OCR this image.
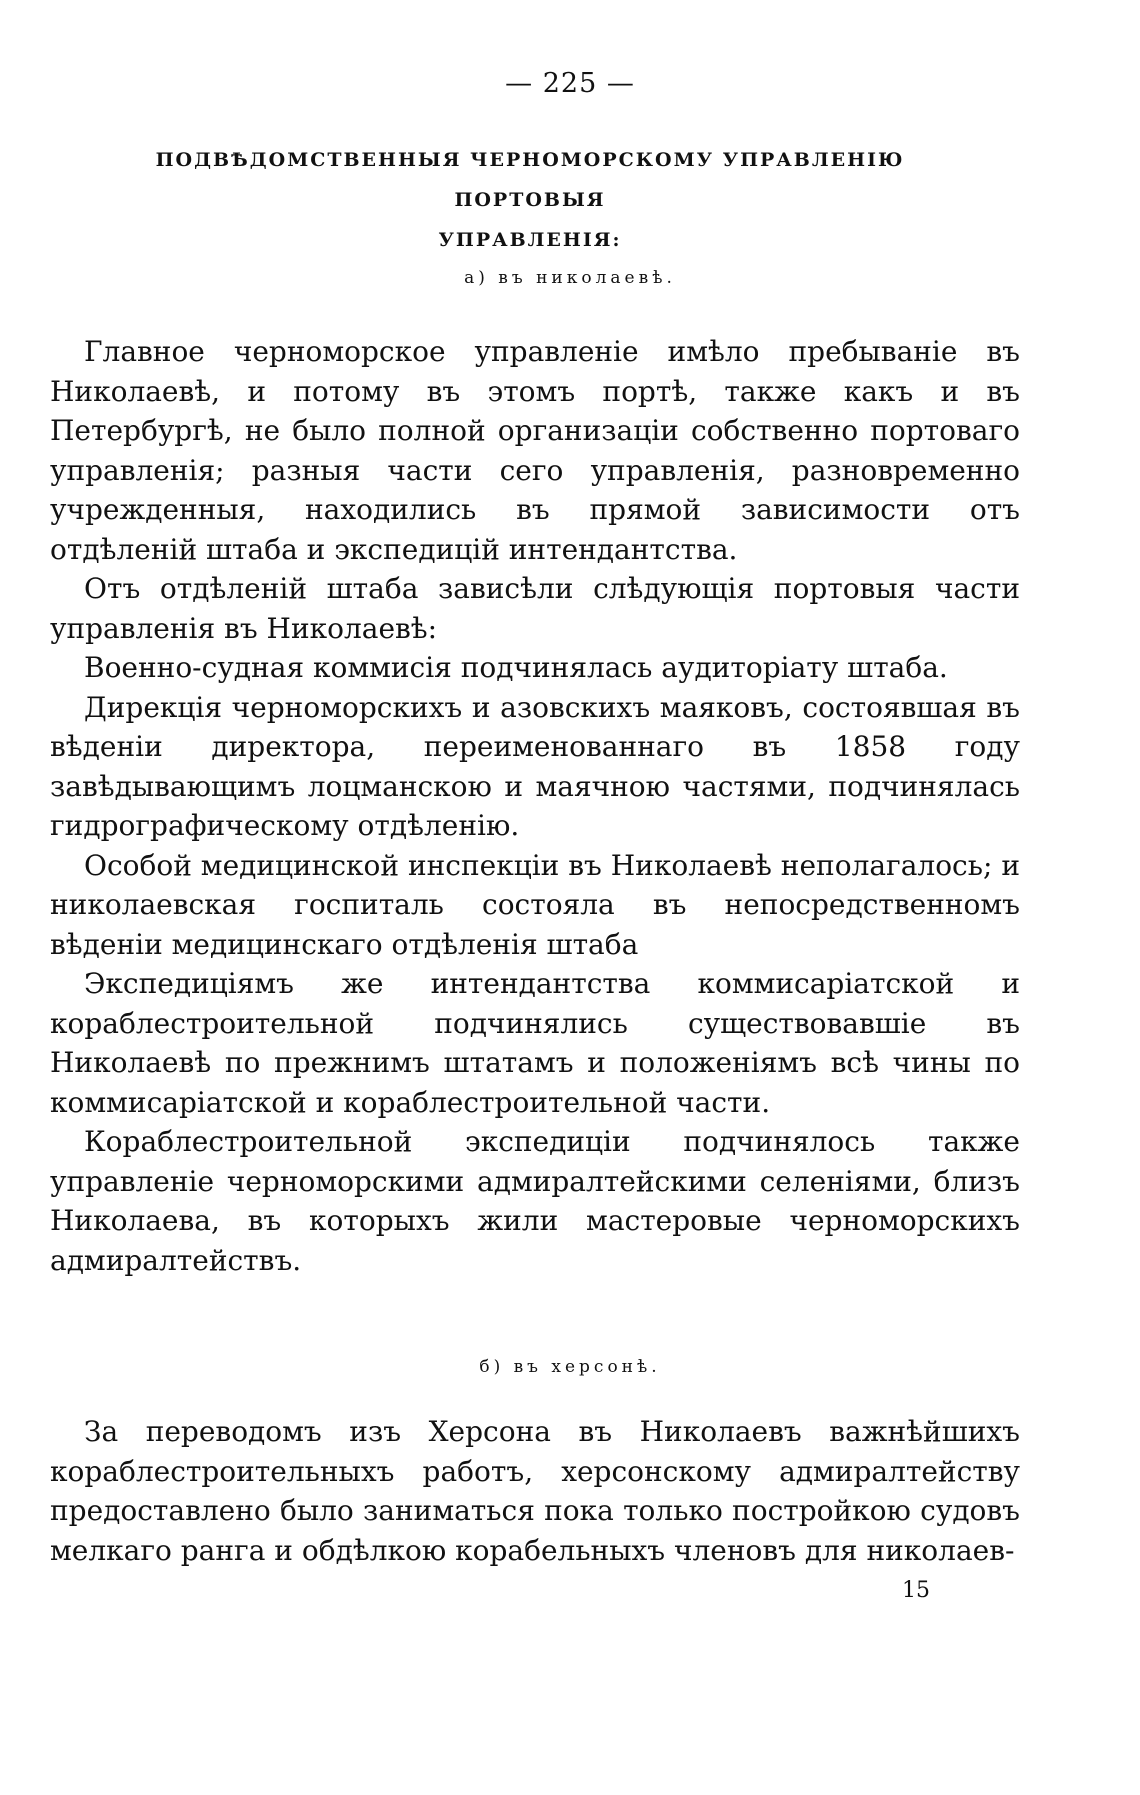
— 225 —
ПОДВѢДОМСТВЕННЫЯ ЧЕРНОМОРСКОМУ УПРАВЛЕНІЮ ПОРТОВЫЯ
УПРАВЛЕНІЯ:
а) въ николаевѣ.

Главное черноморское управленіе имѣло пребываніе въ Николаевѣ, и потому въ этомъ портѣ, также какъ и въ Петербургѣ, не было полной организаціи собственно портоваго управленія; разныя части сего управленія, разновременно учрежденныя, находились въ прямой зависимости отъ отдѣленій штаба и экспедицій интендантства.

Отъ отдѣленій штаба зависѣли слѣдующія портовыя части управленія въ Николаевѣ:

Военно-судная коммисія подчинялась аудиторіату штаба.

Дирекція черноморскихъ и азовскихъ маяковъ, состоявшая въ вѣденіи директора, переименованнаго въ 1858 году завѣдывающимъ лоцманскою и маячною частями, подчинялась гидрографическому отдѣленію.

Особой медицинской инспекціи въ Николаевѣ неполагалось; и николаевская госпиталь состояла въ непосредственномъ вѣденіи медицинскаго отдѣленія штаба

Экспедиціямъ же интендантства коммисаріатской и кораблестроительной подчинялись существовавшіе въ Николаевѣ по прежнимъ штатамъ и положеніямъ всѣ чины по коммисаріатской и кораблестроительной части.

Кораблестроительной экспедиціи подчинялось также управленіе черноморскими адмиралтейскими селеніями, близъ Николаева, въ которыхъ жили мастеровые черноморскихъ адмиралтействъ.

б) въ херсонѣ.

За переводомъ изъ Херсона въ Николаевъ важнѣйшихъ кораблестроительныхъ работъ, херсонскому адмиралтейству предоставлено было заниматься пока только постройкою судовъ мелкаго ранга и обдѣлкою корабельныхъ членовъ для николаев-

15
